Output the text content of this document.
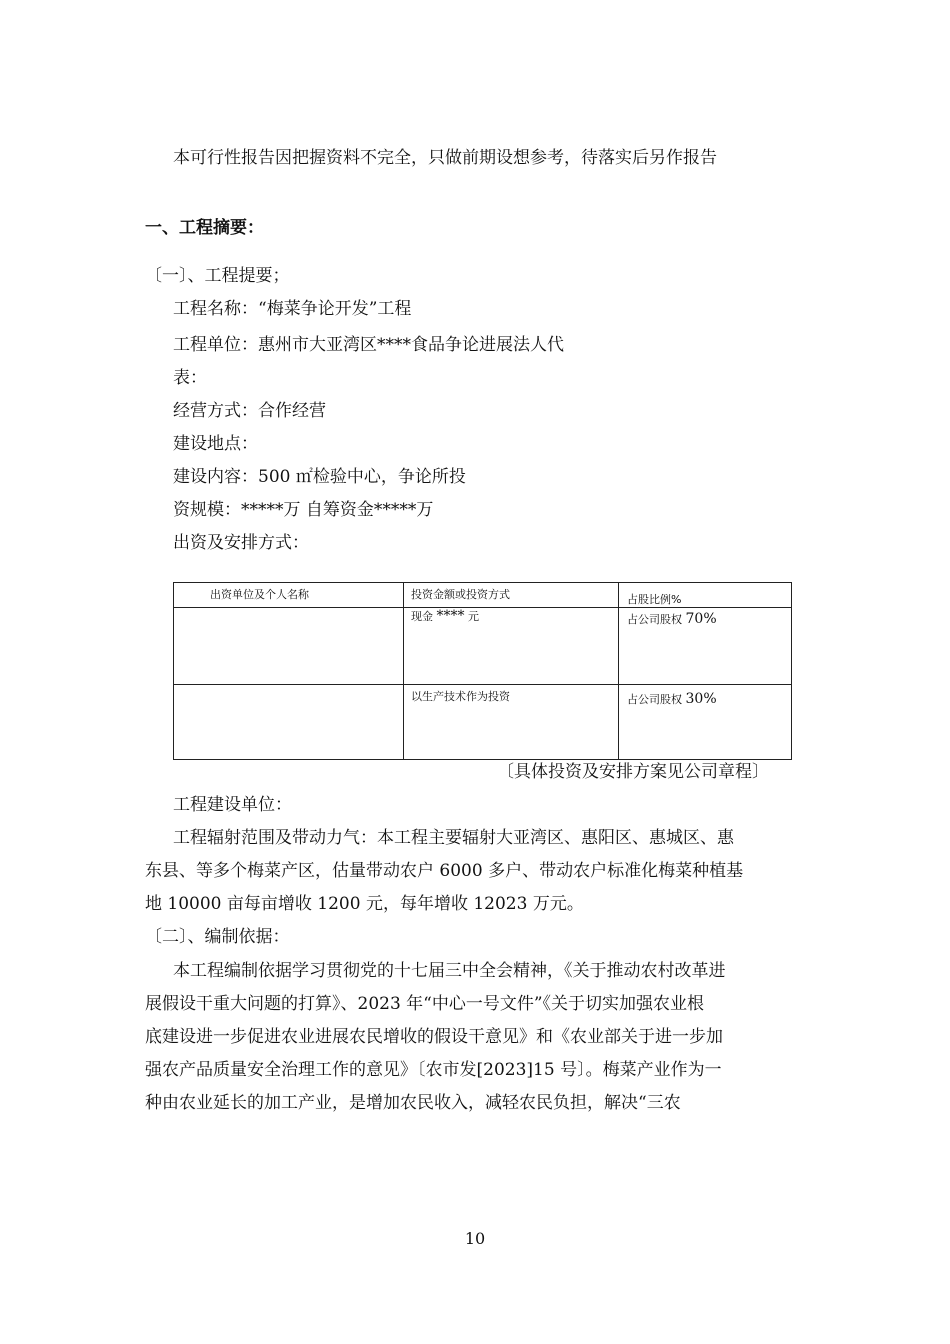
本可行性报告因把握资料不完全，只做前期设想参考，待落实后另作报告
一、工程摘要：
〔一〕、工程提要；
工程名称：“梅菜争论开发”工程
工程单位：惠州市大亚湾区****食品争论进展法人代
表：
经营方式：合作经营
建设地点：
建设内容：500 ㎡检验中心，争论所投
资规模：*****万 自筹资金*****万
出资及安排方式：
出资单位及个人名称	投资金额或投资方式	占股比例%

	现金 **** 元	占公司股权 70%

	以生产技术作为投资	占公司股权 30%
〔具体投资及安排方案见公司章程〕
工程建设单位：
工程辐射范围及带动力气：本工程主要辐射大亚湾区、惠阳区、惠城区、惠
东县、等多个梅菜产区，估量带动农户 6000 多户、带动农户标准化梅菜种植基
地 10000 亩每亩增收 1200 元，每年增收 12023 万元。
〔二〕、编制依据：
本工程编制依据学习贯彻党的十七届三中全会精神，《关于推动农村改革进
展假设干重大问题的打算》、2023 年“中心一号文件”《关于切实加强农业根
底建设进一步促进农业进展农民增收的假设干意见》和《农业部关于进一步加
强农产品质量安全治理工作的意见》〔农市发[2023]15 号〕。梅菜产业作为一
种由农业延长的加工产业，是增加农民收入，减轻农民负担，解决“三农
10
